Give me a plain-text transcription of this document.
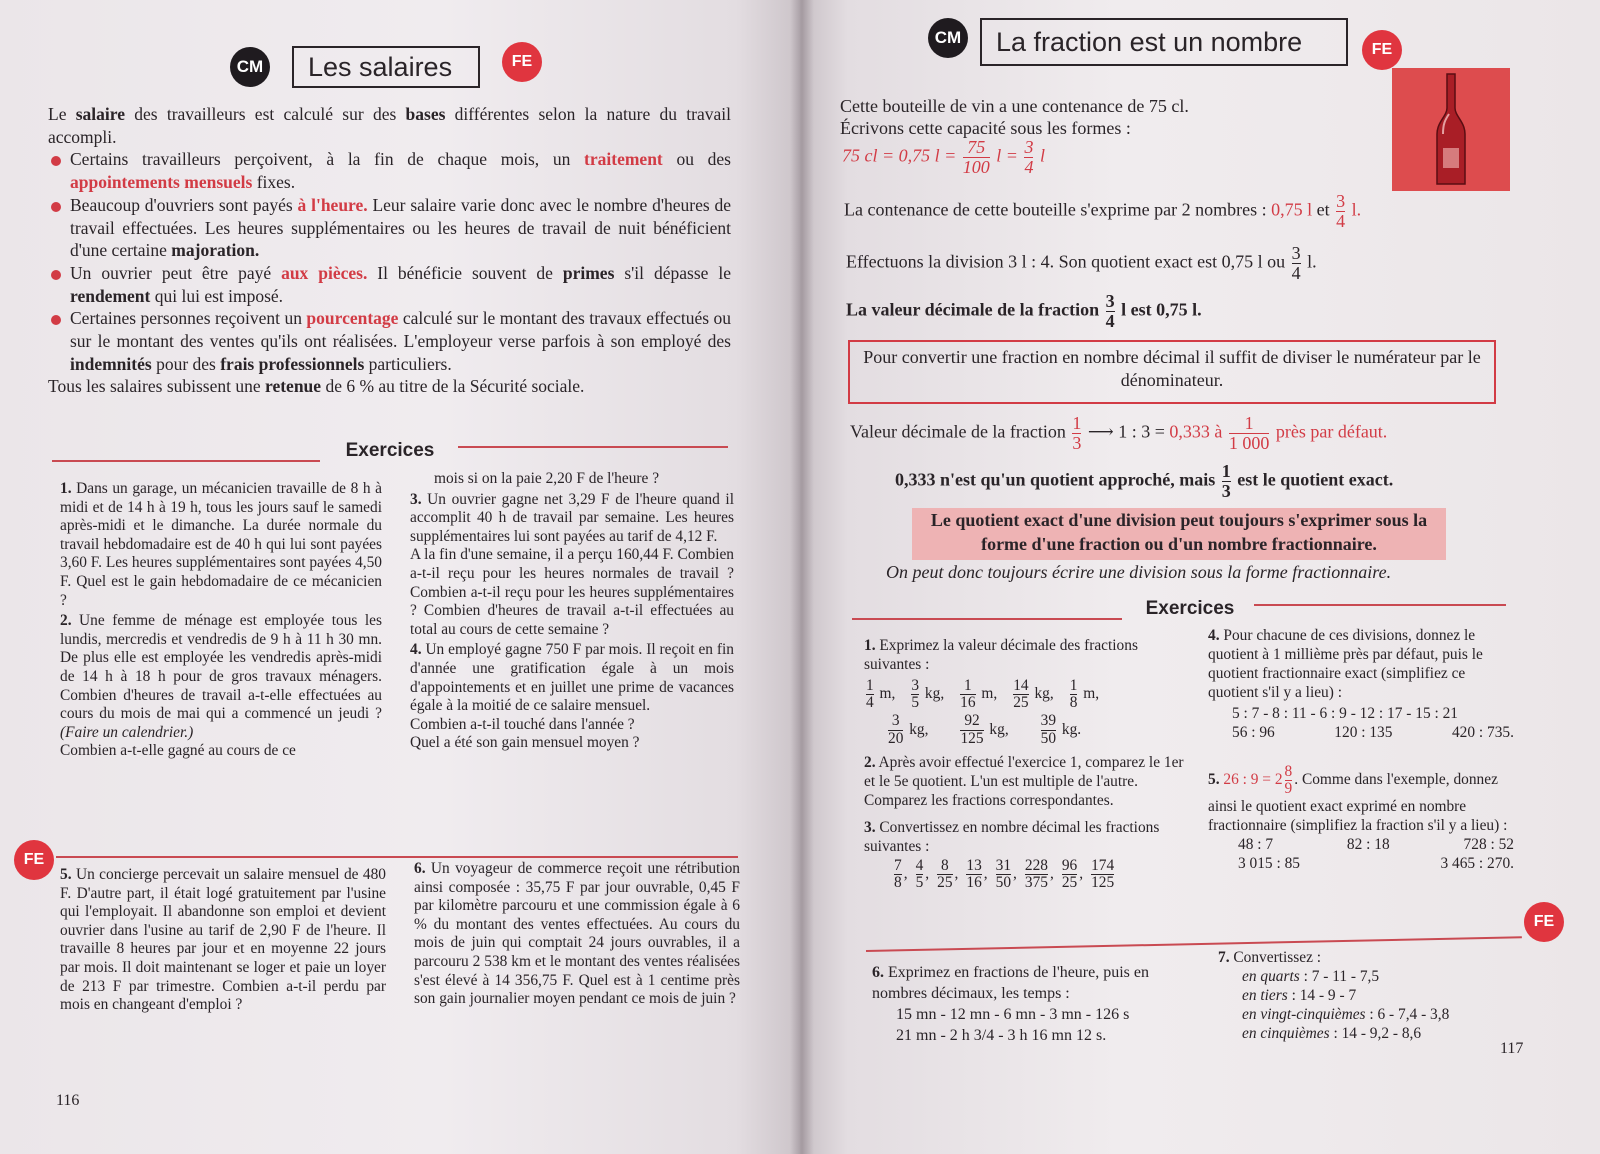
CM	Les salaires	FE

Le salaire des travailleurs est calculé sur des bases différentes selon la nature du travail accompli.

Certains travailleurs perçoivent, à la fin de chaque mois, un traitement ou des appointements mensuels fixes.

Beaucoup d'ouvriers sont payés à l'heure. Leur salaire varie donc avec le nombre d'heures de travail effectuées. Les heures supplémentaires ou les heures de travail de nuit bénéficient d'une certaine majoration.

Un ouvrier peut être payé aux pièces. Il bénéficie souvent de primes s'il dépasse le rendement qui lui est imposé.

Certaines personnes reçoivent un pourcentage calculé sur le montant des travaux effectués ou sur le montant des ventes qu'ils ont réalisées. L'employeur verse parfois à son employé des indemnités pour des frais professionnels particuliers.

Tous les salaires subissent une retenue de 6 % au titre de la Sécurité sociale.

Exercices

1. Dans un garage, un mécanicien travaille de 8 h à midi et de 14 h à 19 h, tous les jours sauf le samedi après-midi et le dimanche. La durée normale du travail hebdomadaire est de 40 h qui lui sont payées 3,60 F. Les heures supplémentaires sont payées 4,50 F. Quel est le gain hebdomadaire de ce mécanicien ?

2. Une femme de ménage est employée tous les lundis, mercredis et vendredis de 9 h à 11 h 30 mn. De plus elle est employée les vendredis après-midi de 14 h à 18 h pour de gros travaux ménagers. Combien d'heures de travail a-t-elle effectuées au cours du mois de mai qui a commencé un jeudi ? (Faire un calendrier.)
Combien a-t-elle gagné au cours de ce

mois si on la paie 2,20 F de l'heure ?

3. Un ouvrier gagne net 3,29 F de l'heure quand il accomplit 40 h de travail par semaine. Les heures supplémentaires lui sont payées au tarif de 4,12 F.
A la fin d'une semaine, il a perçu 160,44 F. Combien a-t-il reçu pour les heures normales de travail ? Combien a-t-il reçu pour les heures supplémentaires ? Combien d'heures de travail a-t-il effectuées au total au cours de cette semaine ?

4. Un employé gagne 750 F par mois. Il reçoit en fin d'année une gratification égale à un mois d'appointements et en juillet une prime de vacances égale à la moitié de ce salaire mensuel.
Combien a-t-il touché dans l'année ?
Quel a été son gain mensuel moyen ?

FE

5. Un concierge percevait un salaire mensuel de 480 F. D'autre part, il était logé gratuitement par l'usine qui l'employait. Il abandonne son emploi et devient ouvrier dans l'usine au tarif de 2,90 F de l'heure. Il travaille 8 heures par jour et en moyenne 22 jours par mois. Il doit maintenant se loger et paie un loyer de 213 F par trimestre. Combien a-t-il perdu par mois en changeant d'emploi ?

6. Un voyageur de commerce reçoit une rétribution ainsi composée : 35,75 F par jour ouvrable, 0,45 F par kilomètre parcouru et une commission égale à 6 % du montant des ventes effectuées. Au cours du mois de juin qui comptait 24 jours ouvrables, il a parcouru 2 538 km et le montant des ventes réalisées s'est élevé à 14 356,75 F. Quel est à 1 centime près son gain journalier moyen pendant ce mois de juin ?

116
CM	La fraction est un nombre	FE
Cette bouteille de vin a une contenance de 75 cl.
Écrivons cette capacité sous les formes :
75 cl = 0,75 $l = \frac{75}{100}$ $l = \frac{3}{4}$ l
La contenance de cette bouteille s'exprime par 2 nombres : 0,75 l et $\frac{3}{4} l$.
Effectuons la division 3 l : 4. Son quotient exact est 0,75 l ou $\frac{3}{4} l$.
La valeur décimale de la fraction $\frac{3}{4}$ l est 0,75 l.
Pour convertir une fraction en nombre décimal il suffit de diviser le numérateur par le dénominateur.
Valeur décimale de la fraction $\frac{1}{3}$ ⟶ 1 : 3 = 0,333 à $\frac{1}{1 000}$ près par défaut.
0,333 n'est qu'un quotient approché, mais $\frac{1}{3}$ est le quotient exact.
Le quotient exact d'une division peut toujours s'exprimer sous la forme d'une fraction ou d'un nombre fractionnaire.
On peut donc toujours écrire une division sous la forme fractionnaire.
Exercices

1. Exprimez la valeur décimale des fractions suivantes :

$\frac{1}{4} m$, $\frac{3}{5}$ kg, $\frac{1}{16} m$, $\frac{14}{25}$ kg, $\frac{1}{8} m$,

$\frac{3}{20}$ kg, $\frac{92}{125}$ kg, $\frac{39}{50}$ kg.

2. Après avoir effectué l'exercice 1, comparez le 1er et le 5e quotient. L'un est multiple de l'autre.
Comparez les fractions correspondantes.

3. Convertissez en nombre décimal les fractions suivantes :

$\frac{7}{8}$ , $\frac{4}{5}$ , $\frac{8}{25}$ , $\frac{13}{16}$ , $\frac{31}{50}$ , $\frac{228}{375}$ , $\frac{96}{25}$ , $\frac{174}{125}$

4. Pour chacune de ces divisions, donnez le quotient à 1 millième près par défaut, puis le quotient fractionnaire exact (simplifiez ce quotient s'il y a lieu) :

5 : 7 - 8 : 11 - 6 : 9 - 12 : 17 - 15 : 21

56 : 96	120 : 135	420 : 735.

5. 26 : $9 = 2 \frac{8}{9}$ . Comme dans l'exemple, donnez ainsi le quotient exact exprimé en nombre fractionnaire (simplifiez la fraction s'il y a lieu) :

48 : 7	82 : 18	728 : 52

3 015 : 85	3 465 : 270.

FE

6. Exprimez en fractions de l'heure, puis en nombres décimaux, les temps :

15 mn - 12 mn - 6 mn - 3 mn - 126 s

21 mn - 2 h 3/4 - 3 h 16 mn 12 s.

7. Convertissez :

en quarts : 7 - 11 - 7,5
en tiers : 14 - 9 - 7
en vingt-cinquièmes : 6 - 7,4 - 3,8
en cinquièmes : 14 - 9,2 - 8,6
117
